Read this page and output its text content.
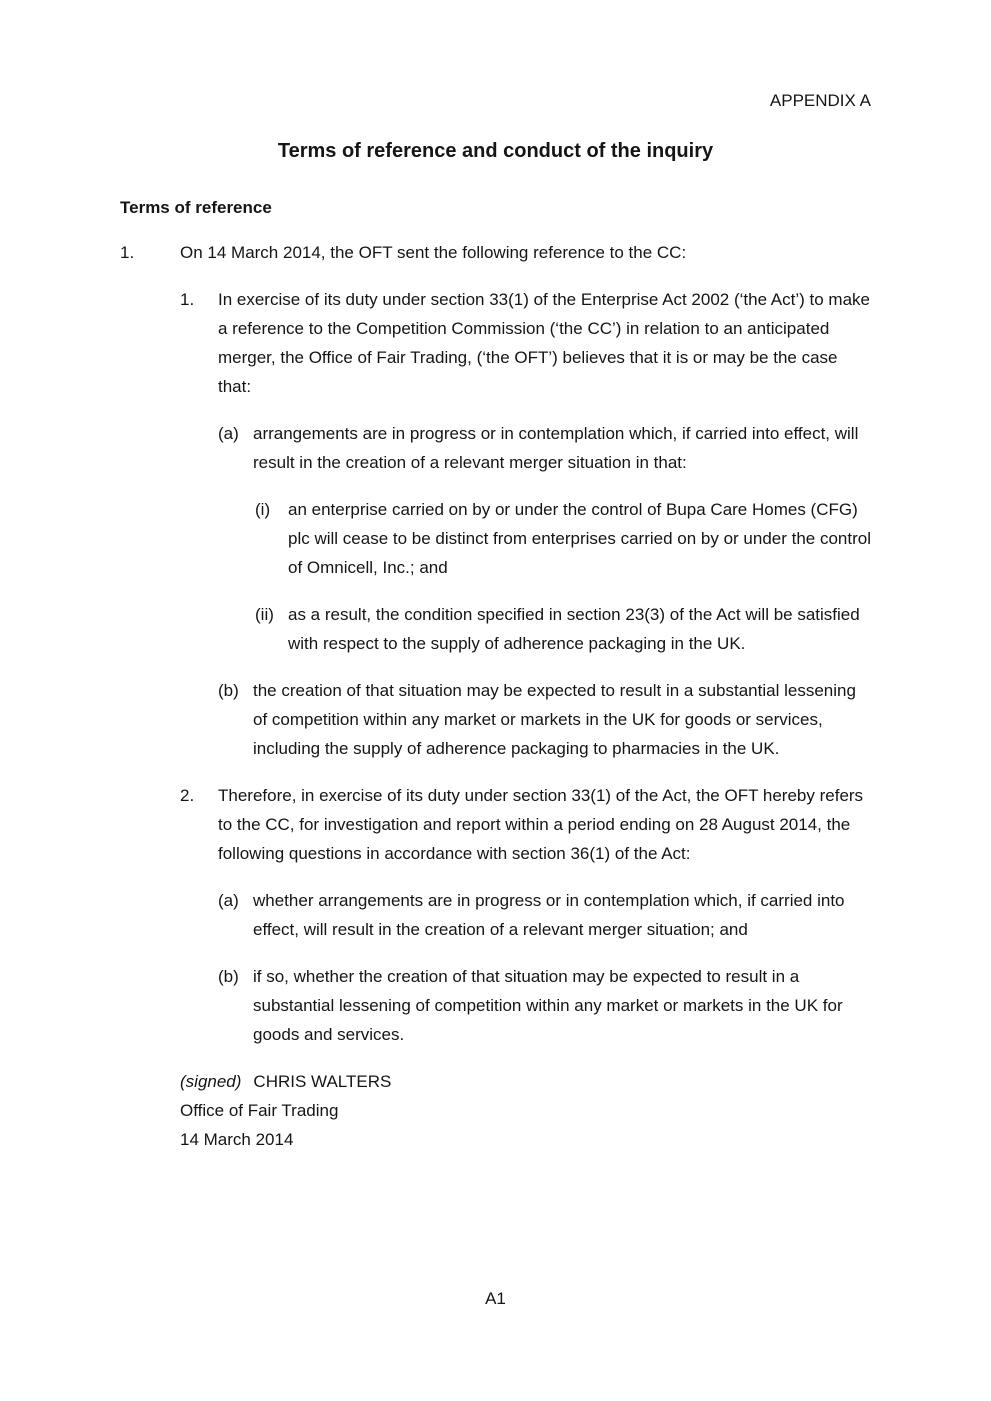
APPENDIX A
Terms of reference and conduct of the inquiry
Terms of reference
1.	On 14 March 2014, the OFT sent the following reference to the CC:
1.	In exercise of its duty under section 33(1) of the Enterprise Act 2002 (‘the Act’) to make a reference to the Competition Commission (‘the CC’) in relation to an anticipated merger, the Office of Fair Trading, (‘the OFT’) believes that it is or may be the case that:
(a) arrangements are in progress or in contemplation which, if carried into effect, will result in the creation of a relevant merger situation in that:
(i)	an enterprise carried on by or under the control of Bupa Care Homes (CFG) plc will cease to be distinct from enterprises carried on by or under the control of Omnicell, Inc.; and
(ii) as a result, the condition specified in section 23(3) of the Act will be satisfied with respect to the supply of adherence packaging in the UK.
(b) the creation of that situation may be expected to result in a substantial lessening of competition within any market or markets in the UK for goods or services, including the supply of adherence packaging to pharmacies in the UK.
2.	Therefore, in exercise of its duty under section 33(1) of the Act, the OFT hereby refers to the CC, for investigation and report within a period ending on 28 August 2014, the following questions in accordance with section 36(1) of the Act:
(a) whether arrangements are in progress or in contemplation which, if carried into effect, will result in the creation of a relevant merger situation; and
(b) if so, whether the creation of that situation may be expected to result in a substantial lessening of competition within any market or markets in the UK for goods and services.
(signed) CHRIS WALTERS
Office of Fair Trading
14 March 2014
A1
